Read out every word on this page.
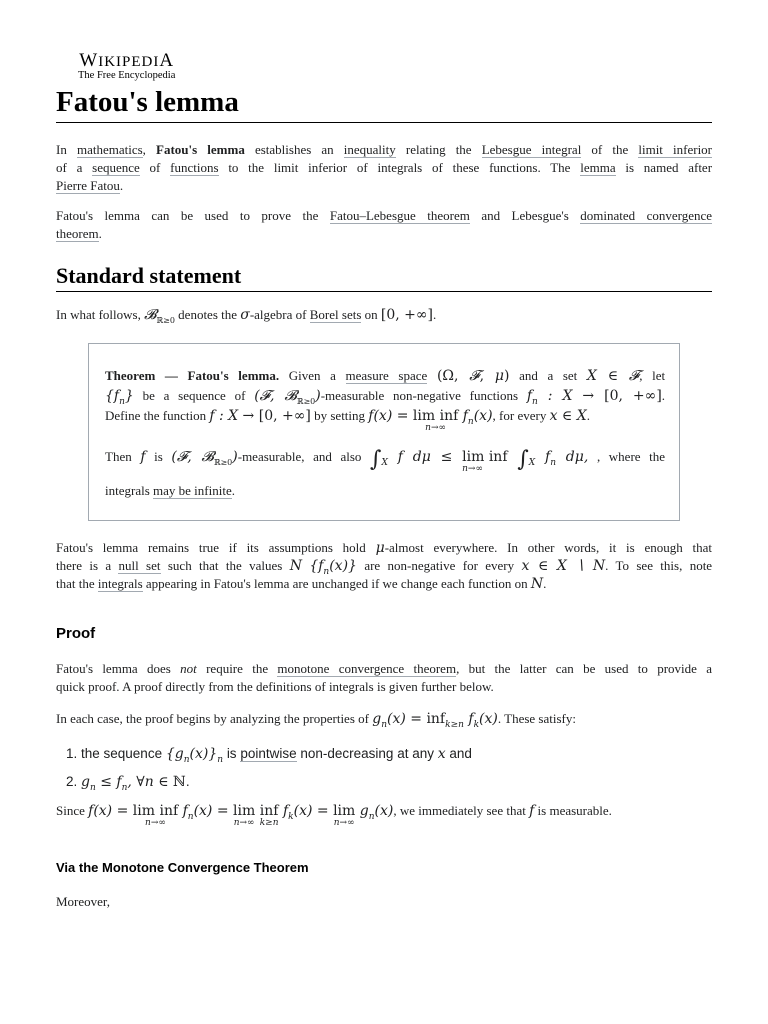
WIKIPEDIA
The Free Encyclopedia
Fatou's lemma
In mathematics, Fatou's lemma establishes an inequality relating the Lebesgue integral of the limit inferior
of a sequence of functions to the limit inferior of integrals of these functions. The lemma is named after
Pierre Fatou.
Fatou's lemma can be used to prove the Fatou–Lebesgue theorem and Lebesgue's dominated convergence
theorem.
Standard statement
In what follows, 𝓑$_{ℝ\ge 0}$ denotes the σ-algebra of Borel sets on [0, +∞].
Theorem — Fatou's lemma. Given a measure space (Ω, 𝓕, μ) and a set X ∈ 𝓕, let
$\{f_n\}$ be a sequence of (𝓕, 𝓑$_{ℝ\ge 0}$)-measurable non-negative functions $f_n$ : X → [0, +∞].
Define the function f : X → [0, +∞] by setting f(x) = lim inf
n→∞
$f_n(x)$, for every x ∈ X.
Then f is (𝓕, 𝓑$_{ℝ\ge 0}$)-measurable, and also $\int_X$ f dμ ≤ lim inf
n→∞	$\int_X$ $f_n$ dμ, , where the
integrals may be infinite.
Fatou's lemma remains true if its assumptions hold μ-almost everywhere. In other words, it is enough that
there is a null set such that the values N $\{f_n(x)\}$ are non-negative for every x ∈ X ∖ N. To see this, note
that the integrals appearing in Fatou's lemma are unchanged if we change each function on N.
Proof
Fatou's lemma does not require the monotone convergence theorem, but the latter can be used to provide a
quick proof. A proof directly from the definitions of integrals is given further below.
In each case, the proof begins by analyzing the properties of $g_n(x) = inf_{k\ge n}$ $f_k(x)$. These satisfy:
1. the sequence $\{g_n(x)\}_n$ is pointwise non-decreasing at any x and
2. $g_n \le f_n$, ∀n ∈ ℕ.
Since f(x) = lim inf
n→∞
$f_n(x) = \lim$
n→∞
inf
k≥n
$f_k(x) = \lim$
n→∞
$g_n(x)$, we immediately see that f is measurable.
Via the Monotone Convergence Theorem
Moreover,
